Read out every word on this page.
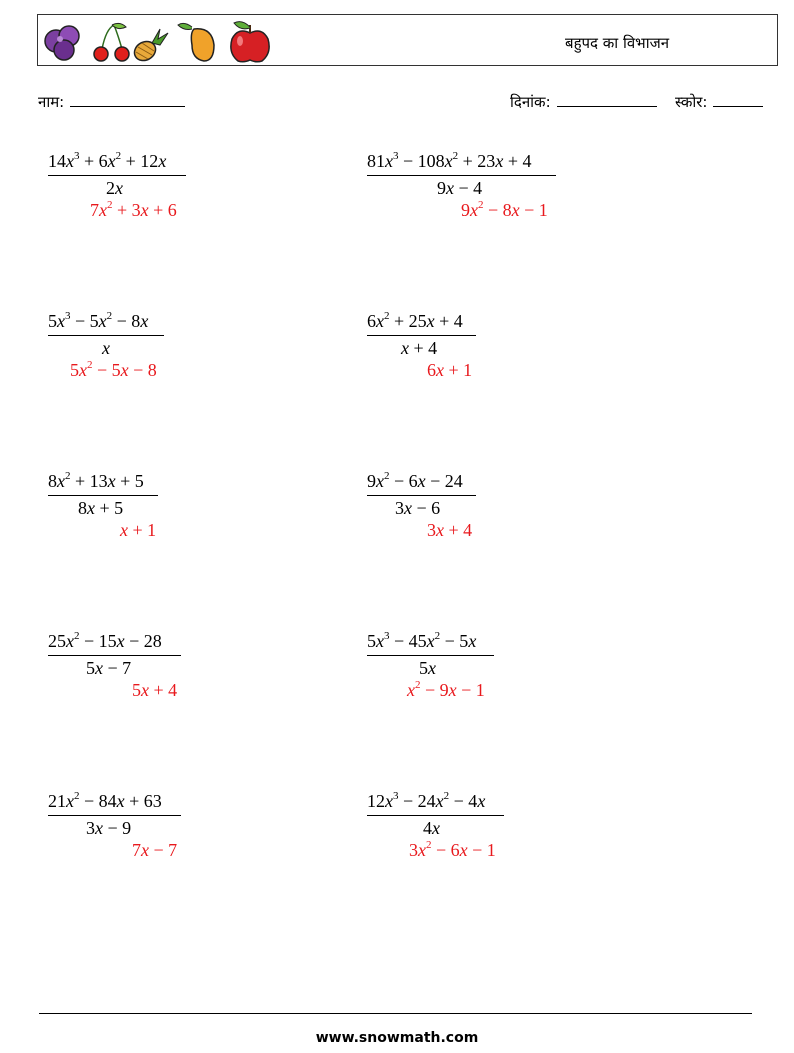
बहुपद का विभाजन
नाम:	दिनांक:	स्कोर:
$14x^3 + 6x^2 + 12x$
2x
$7x^2 + 3x + 6$
$81x^3 - 108x^2 + 23x + 4$
9x − 4
$9x^2 - 8x - 1$
$5x^3 - 5x^2 - 8x$
x
$5x^2 - 5x - 8$
$6x^2 + 25x + 4$
x + 4
6x + 1
$8x^2 + 13x + 5$
8x + 5
x + 1
$9x^2 - 6x - 24$
3x − 6
3x + 4
$25x^2 - 15x - 28$
5x − 7
5x + 4
$5x^3 - 45x^2 - 5x$
5x
$x^2 - 9x - 1$
$21x^2 - 84x + 63$
3x − 9
7x − 7
$12x^3 - 24x^2 - 4x$
4x
$3x^2 - 6x - 1$
www.snowmath.com
